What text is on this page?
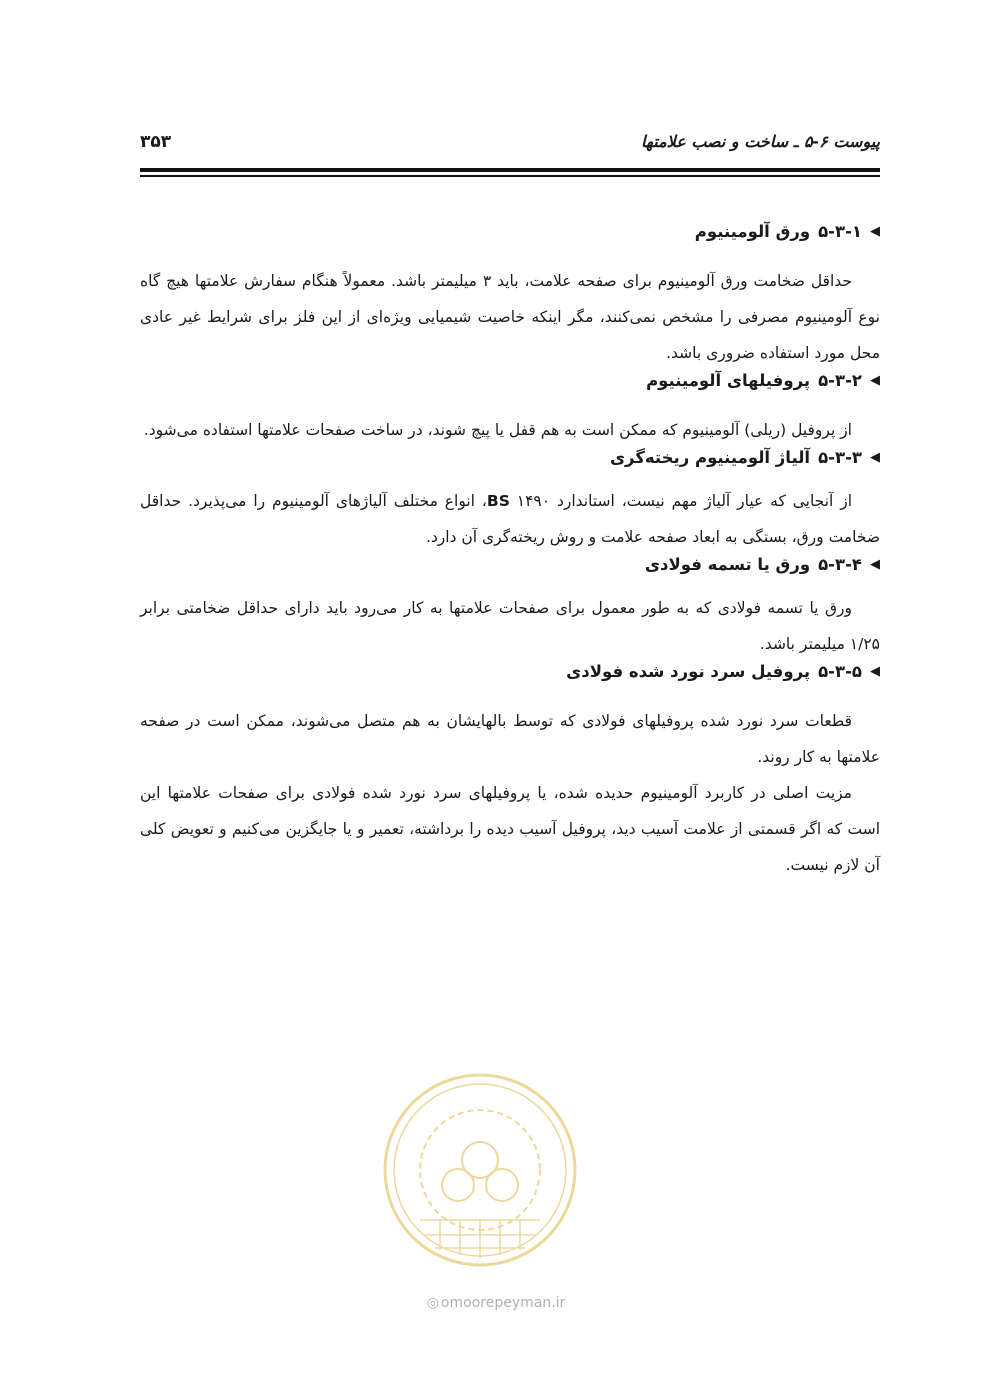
پیوست ۶-۵ ـ ساخت و نصب علامتها
۳۵۳
◀
۵-۳-۱
ورق آلومینیوم

حداقل ضخامت ورق آلومینیوم برای صفحه علامت، باید ۳ میلیمتر باشد. معمولاً هنگام سفارش علامتها هیچ گاه نوع آلومینیوم مصرفی را مشخص نمی‌کنند، مگر اینکه خاصیت شیمیایی ویژه‌ای از این فلز برای شرایط غیر عادی محل مورد استفاده ضروری باشد.

◀
۵-۳-۲
پروفیلهای آلومینیوم

از پروفیل (ریلی) آلومینیوم که ممکن است به هم قفل یا پیچ شوند، در ساخت صفحات علامتها استفاده می‌شود.

◀
۵-۳-۳
آلیاژ آلومینیوم ریخته‌گری

از آنجایی که عیار آلیاژ مهم نیست، استاندارد ۱۴۹۰ BS، انواع مختلف آلیاژهای آلومینیوم را می‌پذیرد. حداقل ضخامت ورق، بستگی به ابعاد صفحه علامت و روش ریخته‌گری آن دارد.

◀
۵-۳-۴
ورق یا تسمه فولادی

ورق یا تسمه فولادی که به طور معمول برای صفحات علامتها به کار می‌رود باید دارای حداقل ضخامتی برابر ۱/۲۵ میلیمتر باشد.

◀
۵-۳-۵
پروفیل سرد نورد شده فولادی

قطعات سرد نورد شده پروفیلهای فولادی که توسط بالهایشان به هم متصل می‌شوند، ممکن است در صفحه علامتها به کار روند.

مزیت اصلی در کاربرد آلومینیوم حدیده شده، یا پروفیلهای سرد نورد شده فولادی برای صفحات علامتها این است که اگر قسمتی از علامت آسیب دید، پروفیل آسیب دیده را برداشته، تعمیر و یا جایگزین می‌کنیم و تعویض کلی آن لازم نیست.

◎ omoorepeyman.ir
